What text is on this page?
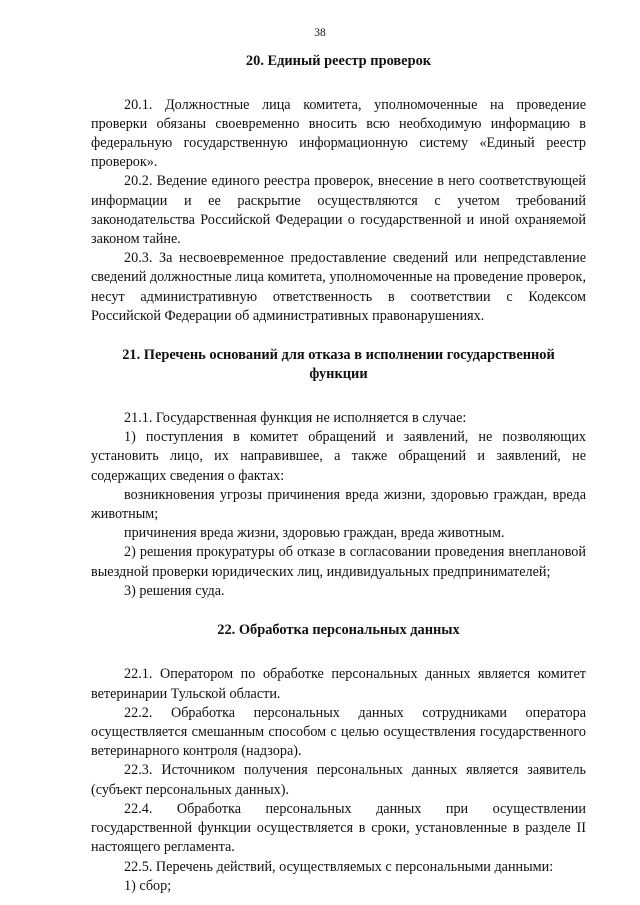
38
20. Единый реестр проверок

20.1. Должностные лица комитета, уполномоченные на проведение проверки обязаны своевременно вносить всю необходимую информацию в федеральную государственную информационную систему «Единый реестр проверок».

20.2. Ведение единого реестра проверок, внесение в него соответствующей информации и ее раскрытие осуществляются с учетом требований законодательства Российской Федерации о государственной и иной охраняемой законом тайне.

20.3. За несвоевременное предоставление сведений или непредставление сведений должностные лица комитета, уполномоченные на проведение проверок, несут административную ответственность в соответствии с Кодексом Российской Федерации об административных правонарушениях.

21. Перечень оснований для отказа в исполнении государственной функции

21.1. Государственная функция не исполняется в случае:

1) поступления в комитет обращений и заявлений, не позволяющих установить лицо, их направившее, а также обращений и заявлений, не содержащих сведения о фактах:

возникновения угрозы причинения вреда жизни, здоровью граждан, вреда животным;

причинения вреда жизни, здоровью граждан, вреда животным.

2) решения прокуратуры об отказе в согласовании проведения внеплановой выездной проверки юридических лиц, индивидуальных предпринимателей;

3) решения суда.

22. Обработка персональных данных

22.1. Оператором по обработке персональных данных является комитет ветеринарии Тульской области.

22.2. Обработка персональных данных сотрудниками оператора осуществляется смешанным способом с целью осуществления государственного ветеринарного контроля (надзора).

22.3. Источником получения персональных данных является заявитель (субъект персональных данных).

22.4. Обработка персональных данных при осуществлении государственной функции осуществляется в сроки, установленные в разделе II настоящего регламента.

22.5. Перечень действий, осуществляемых с персональными данными:

1) сбор;
